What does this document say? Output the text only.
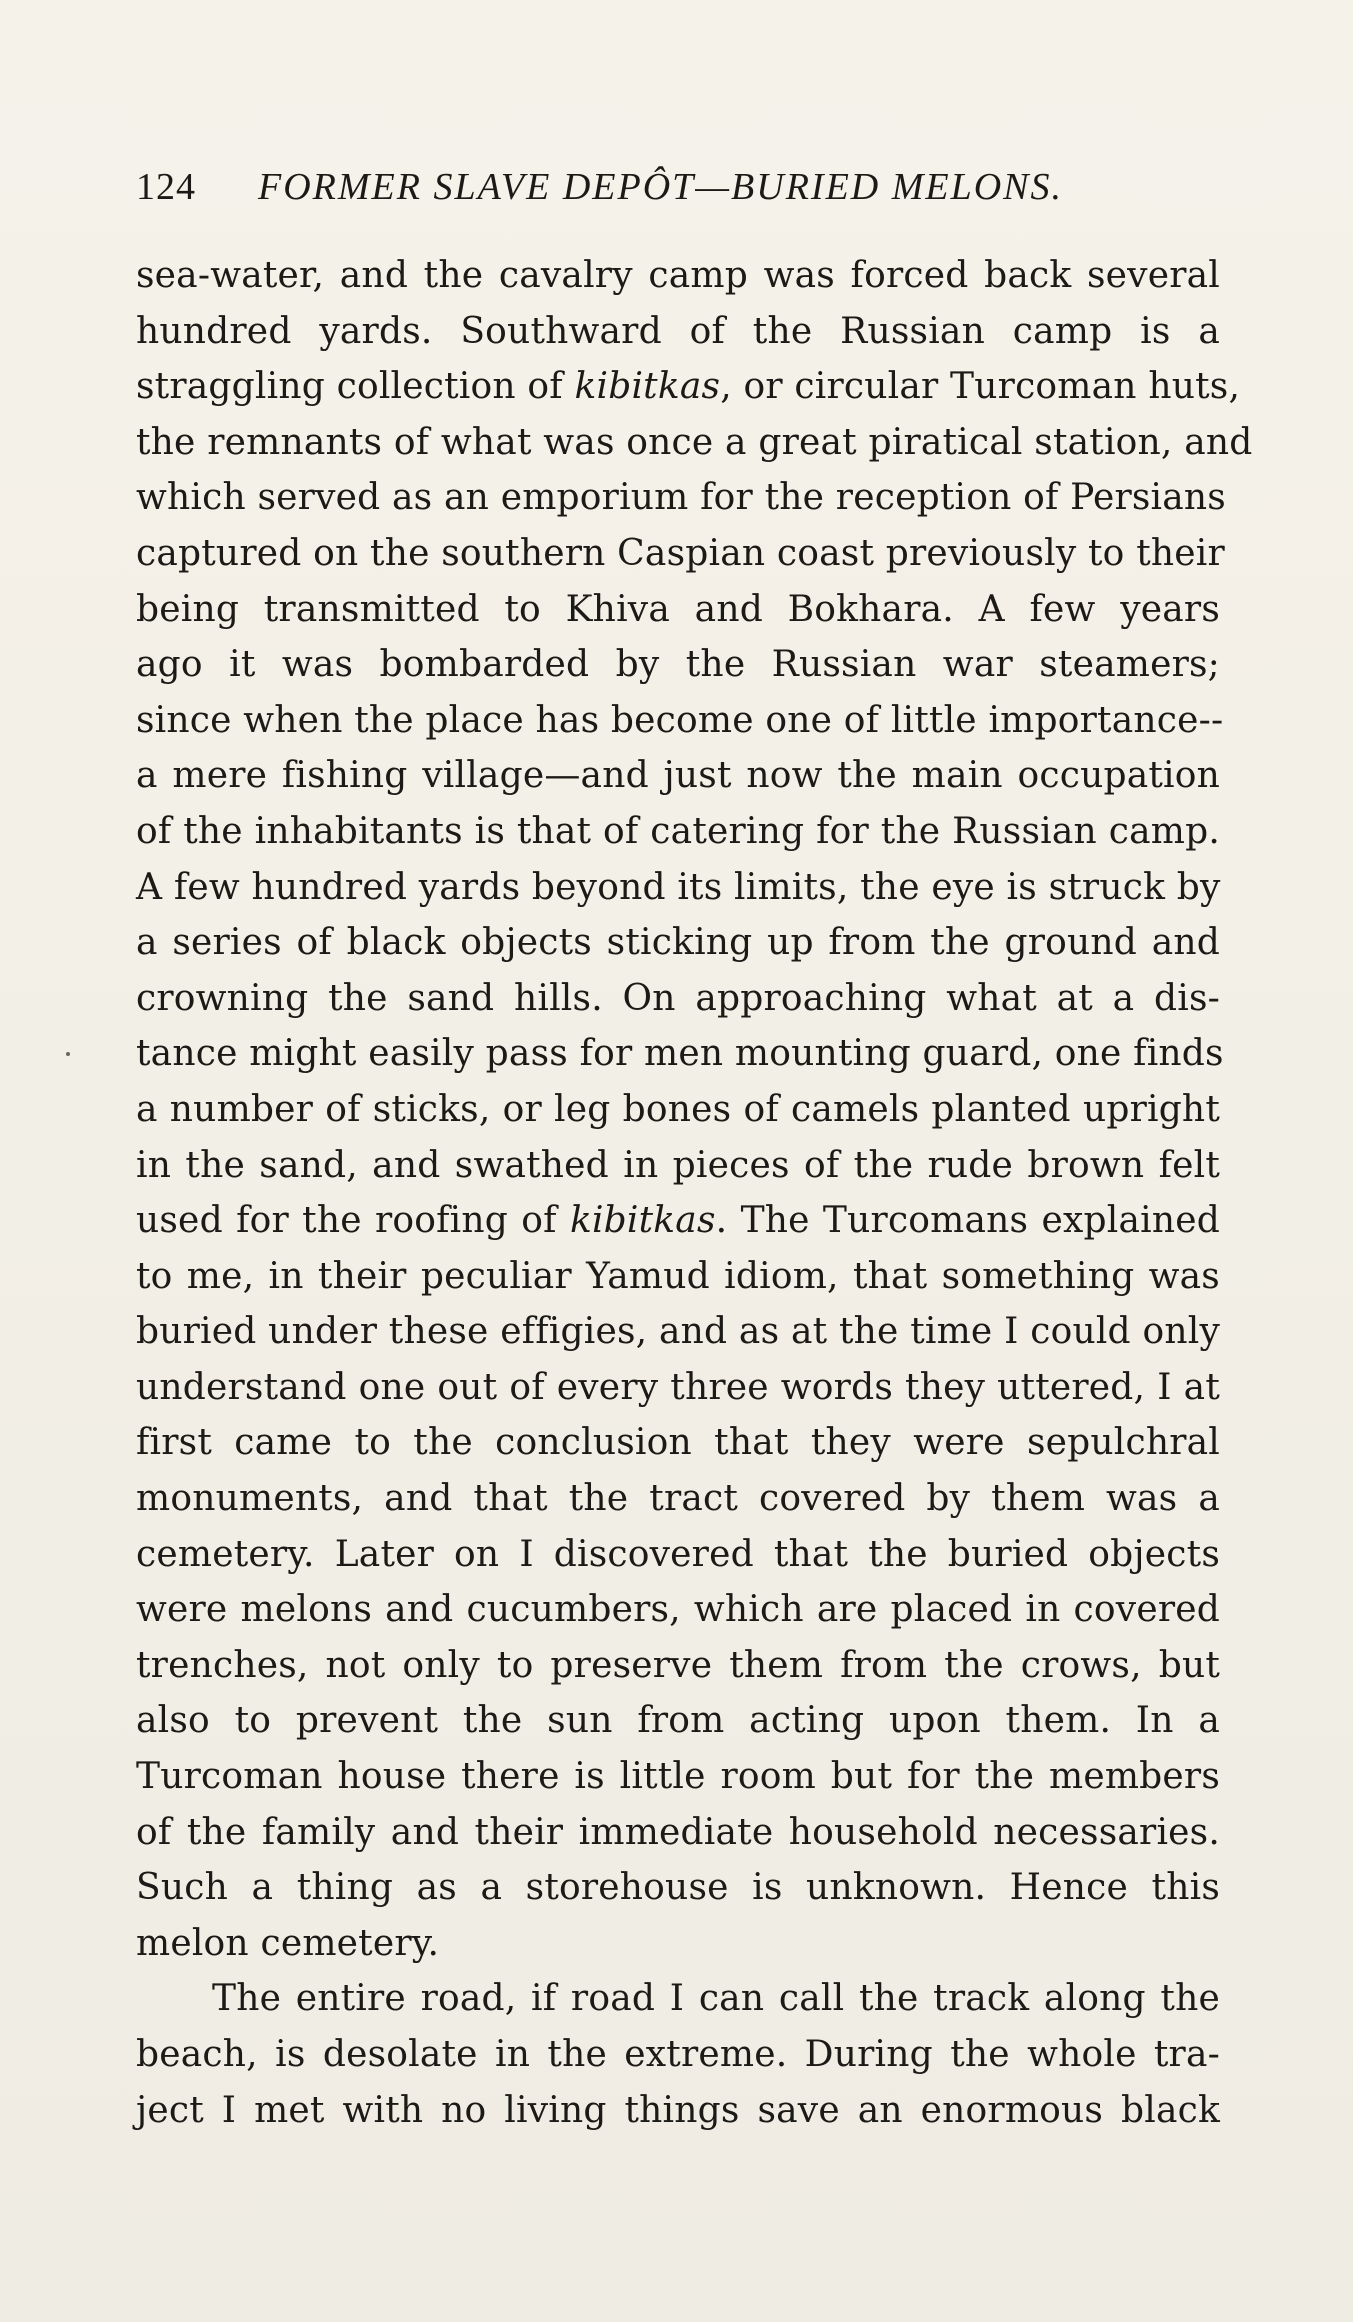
124 FORMER SLAVE DEPÔT—BURIED MELONS.
sea-water, and the cavalry camp was forced back several
hundred yards. Southward of the Russian camp is a
straggling collection of kibitkas, or circular Turcoman huts,
the remnants of what was once a great piratical station, and
which served as an emporium for the reception of Persians
captured on the southern Caspian coast previously to their
being transmitted to Khiva and Bokhara. A few years
ago it was bombarded by the Russian war steamers;
since when the place has become one of little importance--
a mere fishing village—and just now the main occupation
of the inhabitants is that of catering for the Russian camp.
A few hundred yards beyond its limits, the eye is struck by
a series of black objects sticking up from the ground and
crowning the sand hills. On approaching what at a dis-
tance might easily pass for men mounting guard, one finds
a number of sticks, or leg bones of camels planted upright
in the sand, and swathed in pieces of the rude brown felt
used for the roofing of kibitkas. The Turcomans explained
to me, in their peculiar Yamud idiom, that something was
buried under these effigies, and as at the time I could only
understand one out of every three words they uttered, I at
first came to the conclusion that they were sepulchral
monuments, and that the tract covered by them was a
cemetery. Later on I discovered that the buried objects
were melons and cucumbers, which are placed in covered
trenches, not only to preserve them from the crows, but
also to prevent the sun from acting upon them. In a
Turcoman house there is little room but for the members
of the family and their immediate household necessaries.
Such a thing as a storehouse is unknown. Hence this
melon cemetery.
The entire road, if road I can call the track along the
beach, is desolate in the extreme. During the whole tra-
ject I met with no living things save an enormous black
